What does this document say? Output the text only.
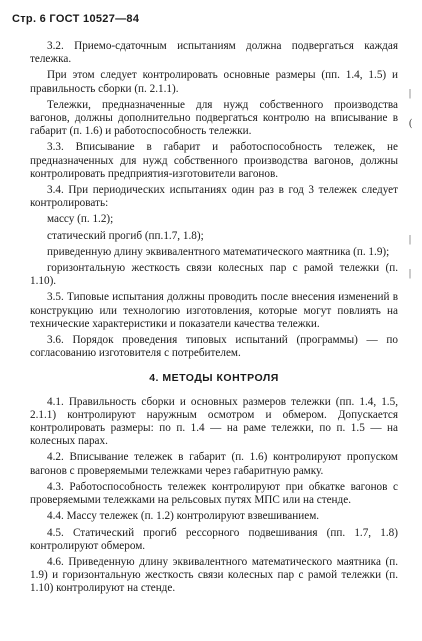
Стр. 6 ГОСТ 10527—84

3.2. Приемо-сдаточным испытаниям должна подвергаться каждая тележка.

При этом следует контролировать основные размеры (пп. 1.4, 1.5) и правильность сборки (п. 2.1.1).

Тележки, предназначенные для нужд собственного производства вагонов, должны дополнительно подвергаться контролю на вписывание в габарит (п. 1.6) и работоспособность тележки.

3.3. Вписывание в габарит и работоспособность тележек, не предназначенных для нужд собственного производства вагонов, должны контролировать предприятия-изготовители вагонов.

3.4. При периодических испытаниях один раз в год 3 тележек следует контролировать:

массу (п. 1.2);

статический прогиб (пп.1.7, 1.8);

приведенную длину эквивалентного математического маятника (п. 1.9);

горизонтальную жесткость связи колесных пар с рамой тележки (п. 1.10).

3.5. Типовые испытания должны проводить после внесения изменений в конструкцию или технологию изготовления, которые могут повлиять на технические характеристики и показатели качества тележки.

3.6. Порядок проведения типовых испытаний (программы) — по согласованию изготовителя с потребителем.

4. МЕТОДЫ КОНТРОЛЯ

4.1. Правильность сборки и основных размеров тележки (пп. 1.4, 1.5, 2.1.1) контролируют наружным осмотром и обмером. Допускается контролировать размеры: по п. 1.4 — на раме тележки, по п. 1.5 — на колесных парах.

4.2. Вписывание тележек в габарит (п. 1.6) контролируют пропуском вагонов с проверяемыми тележками через габаритную рамку.

4.3. Работоспособность тележек контролируют при обкатке вагонов с проверяемыми тележками на рельсовых путях МПС или на стенде.

4.4. Массу тележек (п. 1.2) контролируют взвешиванием.

4.5. Статический прогиб рессорного подвешивания (пп. 1.7, 1.8) контролируют обмером.

4.6. Приведенную длину эквивалентного математического маятника (п. 1.9) и горизонтальную жесткость связи колесных пар с рамой тележки (п. 1.10) контролируют на стенде.

|
(
|
|
